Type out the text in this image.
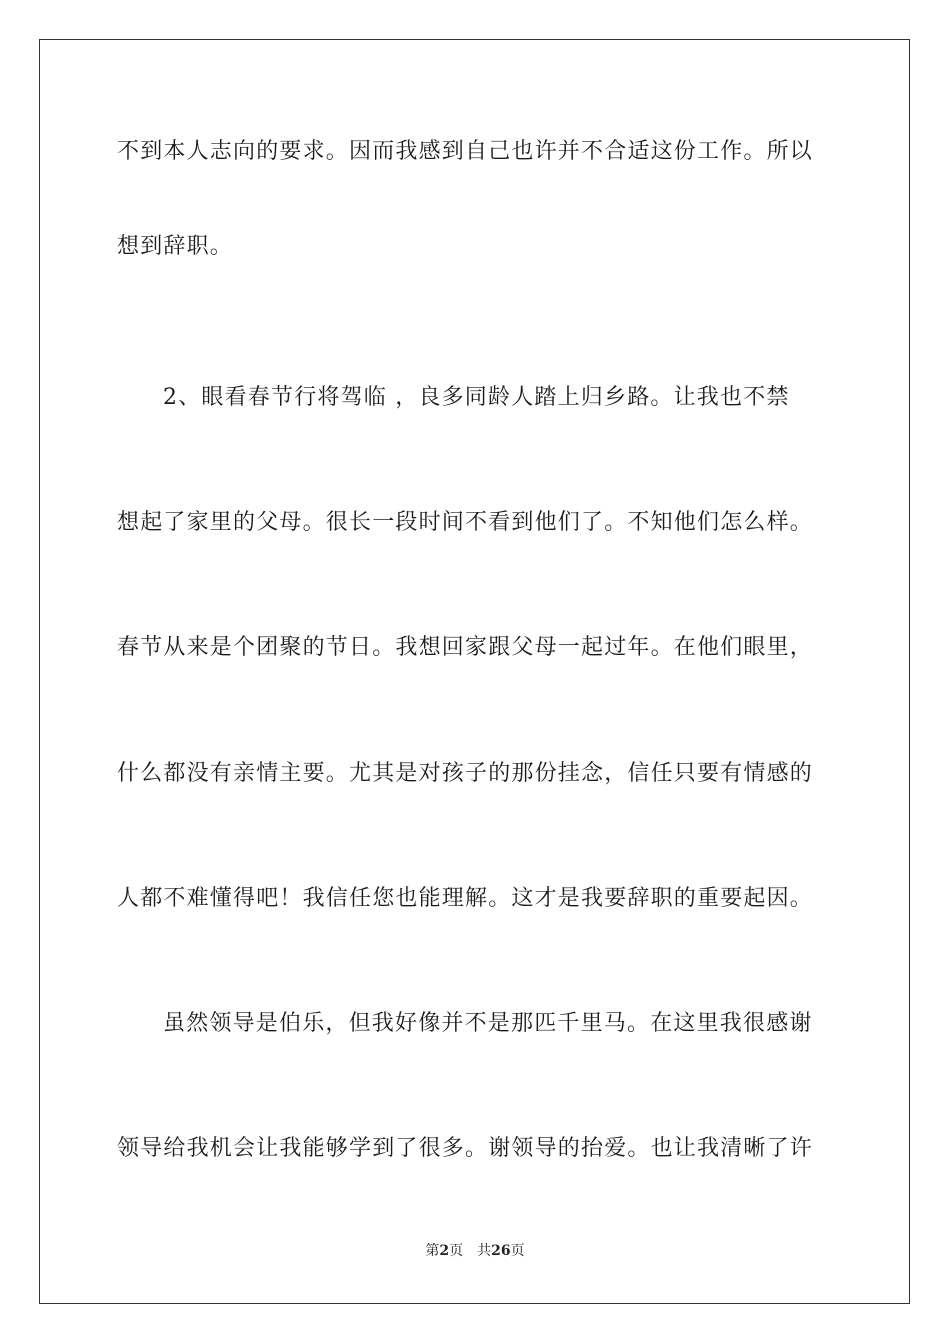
不到本人志向的要求。因而我感到自己也许并不合适这份工作。所以
想到辞职。
2、眼看春节行将驾临 ，良多同龄人踏上归乡路。让我也不禁
想起了家里的父母。很长一段时间不看到他们了。不知他们怎么样。
春节从来是个团聚的节日。我想回家跟父母一起过年。在他们眼里，
什么都没有亲情主要。尤其是对孩子的那份挂念，信任只要有情感的
人都不难懂得吧！我信任您也能理解。这才是我要辞职的重要起因。
虽然领导是伯乐，但我好像并不是那匹千里马。在这里我很感谢
领导给我机会让我能够学到了很多。谢领导的抬爱。也让我清晰了许
第2页 共26页
